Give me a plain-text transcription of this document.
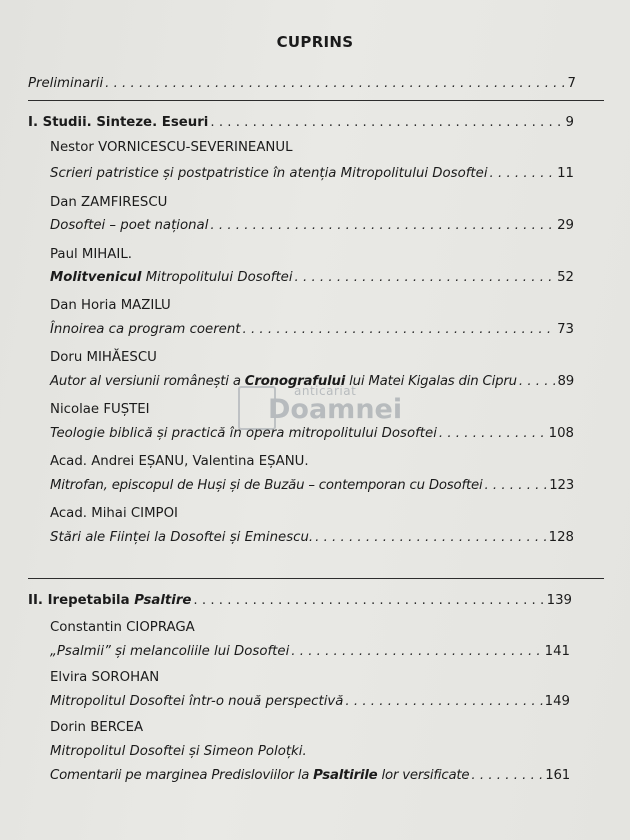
anticariat
Doamnei
CUPRINS
Preliminarii . . .	7
I. Studii. Sinteze. Eseuri . . .	9
Nestor VORNICESCU-SEVERINEANUL
Scrieri patristice și postpatristice în atenția Mitropolitului Dosoftei . . .	11
Dan ZAMFIRESCU
Dosoftei – poet național . . .	29
Paul MIHAIL.
Molitvenicul Mitropolitului Dosoftei . . .	52
Dan Horia MAZILU
Înnoirea ca program coerent . . .	73
Doru MIHĂESCU
Autor al versiunii românești a Cronografului lui Matei Kigalas din Cipru . . .	89
Nicolae FUȘTEI
Teologie biblică și practică în opera mitropolitului Dosoftei . . .	108
Acad. Andrei EȘANU, Valentina EȘANU.
Mitrofan, episcopul de Huși și de Buzău – contemporan cu Dosoftei . . .	123
Acad. Mihai CIMPOI
Stări ale Ființei la Dosoftei și Eminescu. . . .	128
II. Irepetabila Psaltire . . .	139
Constantin CIOPRAGA
„Psalmii” și melancoliile lui Dosoftei . . .	141
Elvira SOROHAN
Mitropolitul Dosoftei într-o nouă perspectivă . . .	149
Dorin BERCEA
Mitropolitul Dosoftei și Simeon Poloțki.
Comentarii pe marginea Predisloviilor la Psaltirile lor versificate . . .	161
